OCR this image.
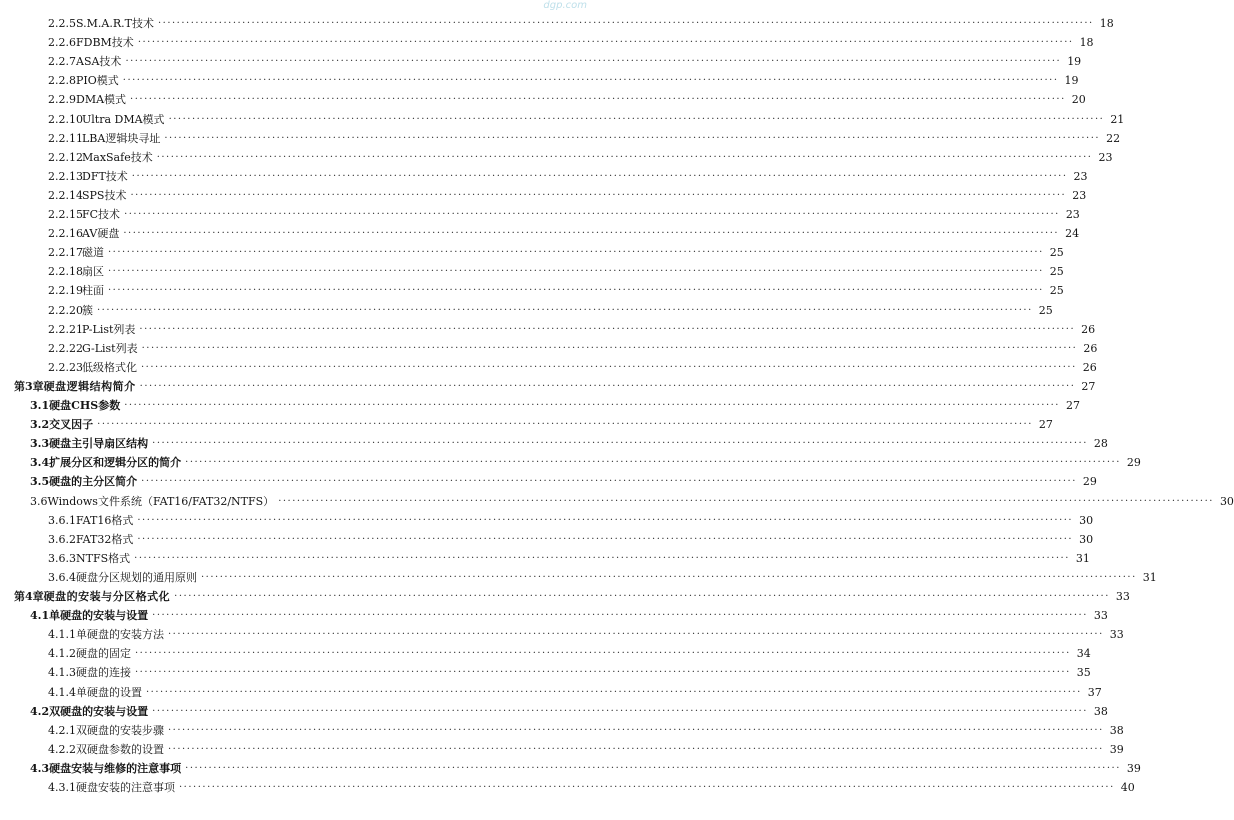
dgp.com
2.2.5 S.M.A.R.T技术 ········································································································································································································ 18
2.2.6 FDBM技术 ········································································································································································································ 18
2.2.7 ASA技术 ········································································································································································································ 19
2.2.8 PIO模式 ········································································································································································································ 19
2.2.9 DMA模式 ········································································································································································································ 20
2.2.10 Ultra DMA模式 ········································································································································································································ 21
2.2.11 LBA逻辑块寻址 ········································································································································································································ 22
2.2.12 MaxSafe技术 ········································································································································································································ 23
2.2.13 DFT技术 ········································································································································································································ 23
2.2.14 SPS技术 ········································································································································································································ 23
2.2.15 FC技术 ········································································································································································································ 23
2.2.16 AV硬盘 ········································································································································································································ 24
2.2.17 磁道 ········································································································································································································ 25
2.2.18 扇区 ········································································································································································································ 25
2.2.19 柱面 ········································································································································································································ 25
2.2.20 簇 ········································································································································································································ 25
2.2.21 P-List列表 ········································································································································································································ 26
2.2.22 G-List列表 ········································································································································································································ 26
2.2.23 低级格式化 ········································································································································································································ 26
第3章 硬盘逻辑结构简介 ········································································································································································································ 27
3.1 硬盘CHS参数 ········································································································································································································ 27
3.2 交叉因子 ········································································································································································································ 27
3.3 硬盘主引导扇区结构 ········································································································································································································ 28
3.4 扩展分区和逻辑分区的简介 ········································································································································································································ 29
3.5 硬盘的主分区简介 ········································································································································································································ 29
3.6 Windows文件系统（FAT16/FAT32/NTFS） ········································································································································································································ 30
3.6.1 FAT16格式 ········································································································································································································ 30
3.6.2 FAT32格式 ········································································································································································································ 30
3.6.3 NTFS格式 ········································································································································································································ 31
3.6.4 硬盘分区规划的通用原则 ········································································································································································································ 31
第4章 硬盘的安装与分区格式化 ········································································································································································································ 33
4.1 单硬盘的安装与设置 ········································································································································································································ 33
4.1.1 单硬盘的安装方法 ········································································································································································································ 33
4.1.2 硬盘的固定 ········································································································································································································ 34
4.1.3 硬盘的连接 ········································································································································································································ 35
4.1.4 单硬盘的设置 ········································································································································································································ 37
4.2 双硬盘的安装与设置 ········································································································································································································ 38
4.2.1 双硬盘的安装步骤 ········································································································································································································ 38
4.2.2 双硬盘参数的设置 ········································································································································································································ 39
4.3 硬盘安装与维修的注意事项 ········································································································································································································ 39
4.3.1 硬盘安装的注意事项 ········································································································································································································ 40
